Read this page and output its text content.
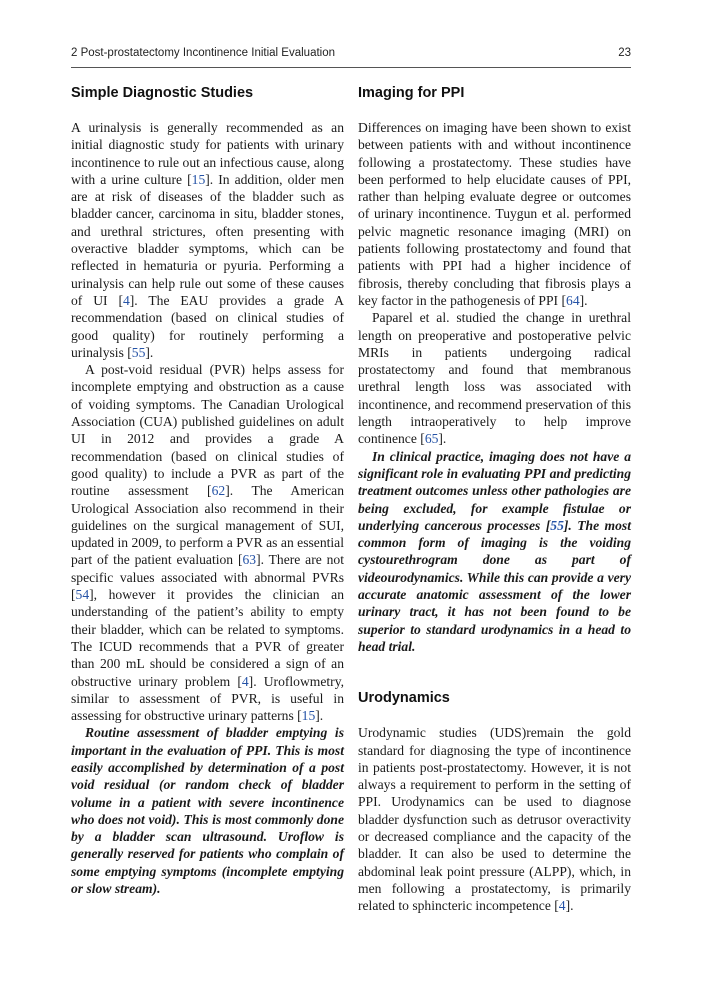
2 Post-prostatectomy Incontinence Initial Evaluation	23
Simple Diagnostic Studies

A urinalysis is generally recommended as an initial diagnostic study for patients with urinary incontinence to rule out an infectious cause, along with a urine culture [15]. In addition, older men are at risk of diseases of the bladder such as bladder cancer, carcinoma in situ, bladder stones, and urethral strictures, often presenting with overactive bladder symptoms, which can be reflected in hematuria or pyuria. Performing a urinalysis can help rule out some of these causes of UI [4]. The EAU provides a grade A recommendation (based on clinical studies of good quality) for routinely performing a urinalysis [55].

A post-void residual (PVR) helps assess for incomplete emptying and obstruction as a cause of voiding symptoms. The Canadian Urological Association (CUA) published guidelines on adult UI in 2012 and provides a grade A recommendation (based on clinical studies of good quality) to include a PVR as part of the routine assessment [62]. The American Urological Association also recommend in their guidelines on the surgical management of SUI, updated in 2009, to perform a PVR as an essential part of the patient evaluation [63]. There are not specific values associated with abnormal PVRs [54], however it provides the clinician an understanding of the patient’s ability to empty their bladder, which can be related to symptoms. The ICUD recommends that a PVR of greater than 200 mL should be considered a sign of an obstructive urinary problem [4]. Uroflowmetry, similar to assessment of PVR, is useful in assessing for obstructive urinary patterns [15].

Routine assessment of bladder emptying is important in the evaluation of PPI. This is most easily accomplished by determination of a post void residual (or random check of bladder volume in a patient with severe incontinence who does not void). This is most commonly done by a bladder scan ultrasound. Uroflow is generally reserved for patients who complain of some emptying symptoms (incomplete emptying or slow stream).

Imaging for PPI

Differences on imaging have been shown to exist between patients with and without incontinence following a prostatectomy. These studies have been performed to help elucidate causes of PPI, rather than helping evaluate degree or outcomes of urinary incontinence. Tuygun et al. performed pelvic magnetic resonance imaging (MRI) on patients following prostatectomy and found that patients with PPI had a higher incidence of fibrosis, thereby concluding that fibrosis plays a key factor in the pathogenesis of PPI [64].

Paparel et al. studied the change in urethral length on preoperative and postoperative pelvic MRIs in patients undergoing radical prostatectomy and found that membranous urethral length loss was associated with incontinence, and recommend preservation of this length intraoperatively to help improve continence [65].

In clinical practice, imaging does not have a significant role in evaluating PPI and predicting treatment outcomes unless other pathologies are being excluded, for example fistulae or underlying cancerous processes [55]. The most common form of imaging is the voiding cystourethrogram done as part of videourodynamics. While this can provide a very accurate anatomic assessment of the lower urinary tract, it has not been found to be superior to standard urodynamics in a head to head trial.

Urodynamics

Urodynamic studies (UDS)remain the gold standard for diagnosing the type of incontinence in patients post-prostatectomy. However, it is not always a requirement to perform in the setting of PPI. Urodynamics can be used to diagnose bladder dysfunction such as detrusor overactivity or decreased compliance and the capacity of the bladder. It can also be used to determine the abdominal leak point pressure (ALPP), which, in men following a prostatectomy, is primarily related to sphincteric incompetence [4].
